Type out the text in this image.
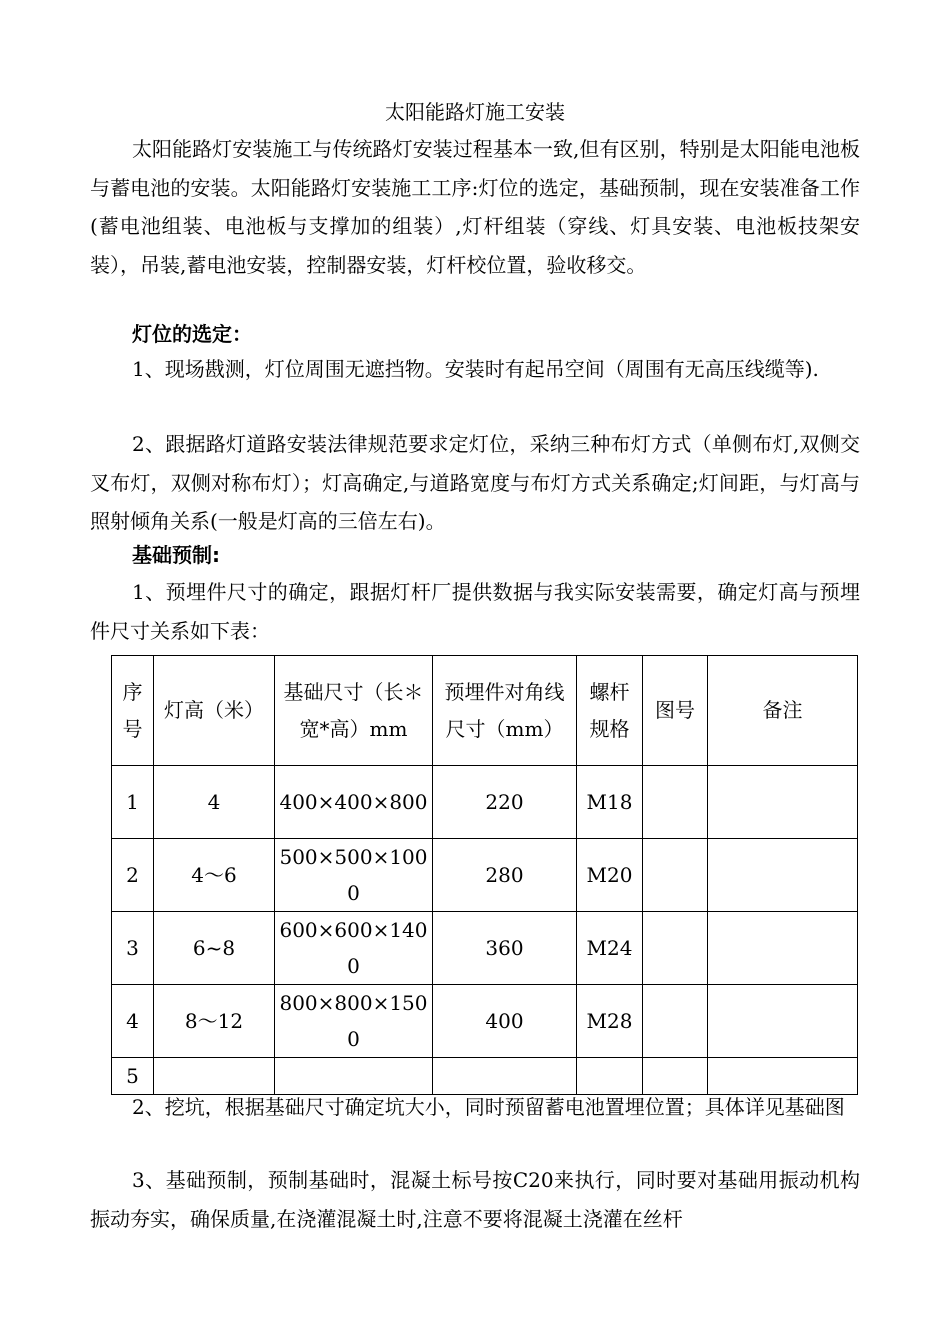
太阳能路灯施工安装

太阳能路灯安装施工与传统路灯安装过程基本一致,但有区别，特别是太阳能电池板与蓄电池的安装。太阳能路灯安装施工工序:灯位的选定，基础预制，现在安装准备工作(蓄电池组装、电池板与支撑加的组装）,灯杆组装（穿线、灯具安装、电池板技架安装），吊装,蓄电池安装，控制器安装，灯杆校位置，验收移交。

灯位的选定：

1、现场戡测，灯位周围无遮挡物。安装时有起吊空间（周围有无高压线缆等).

2、跟据路灯道路安装法律规范要求定灯位，采纳三种布灯方式（单侧布灯,双侧交叉布灯，双侧对称布灯）；灯高确定,与道路宽度与布灯方式关系确定;灯间距，与灯高与照射倾角关系(一般是灯高的三倍左右)。

基础预制:

1、预埋件尺寸的确定，跟据灯杆厂提供数据与我实际安装需要，确定灯高与预埋件尺寸关系如下表：

序号	灯高（米）	基础尺寸（长＊宽*高）mm	预埋件对角线尺寸（mm）	螺杆规格	图号	备注
1	4	400×400×800	220	M18		
2	4～6	500×500×1000	280	M20		
3	6~8	600×600×1400	360	M24		
4	8～12	800×800×1500	400	M28		
5						

2、挖坑，根据基础尺寸确定坑大小，同时预留蓄电池置埋位置；具体详见基础图

3、基础预制，预制基础时，混凝土标号按C20来执行，同时要对基础用振动机构振动夯实，确保质量,在浇灌混凝土时,注意不要将混凝土浇灌在丝杆
